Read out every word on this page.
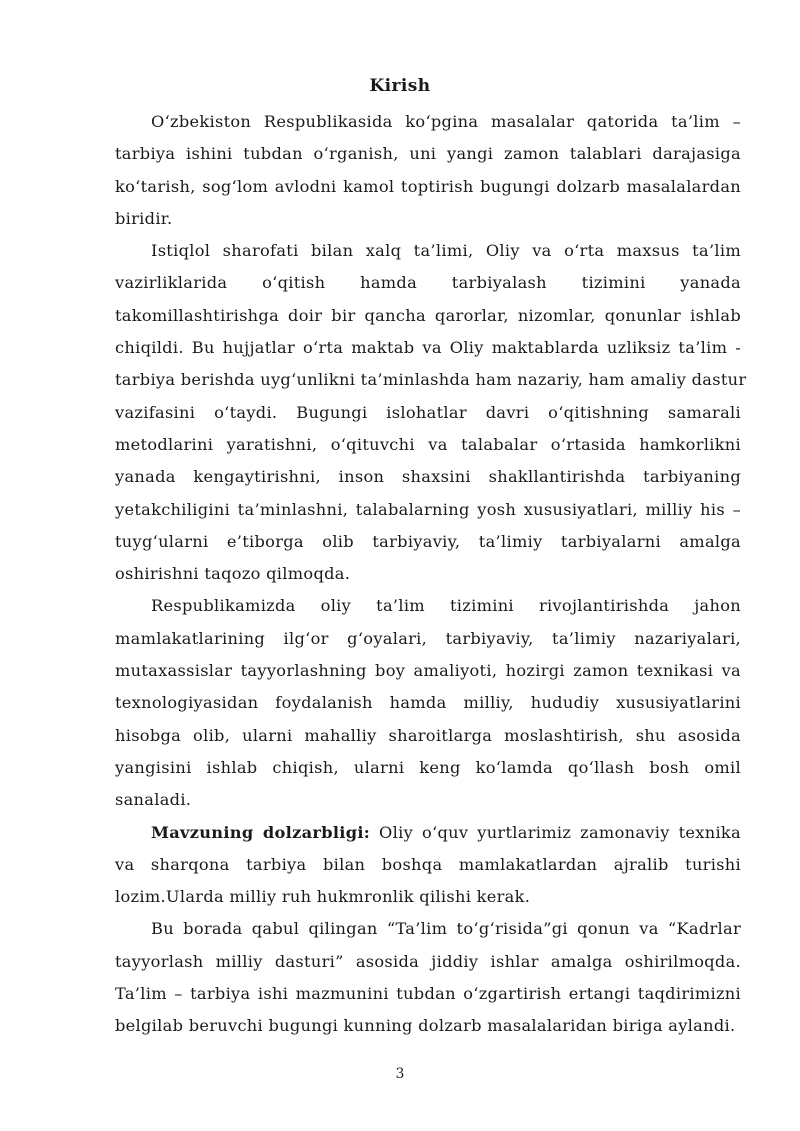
Kirish
O‘zbekiston Respublikasida ko‘pgina masalalar qatorida ta’lim –
tarbiya ishini tubdan o‘rganish, uni yangi zamon talablari darajasiga
ko‘tarish, sog‘lom avlodni kamol toptirish bugungi dolzarb masalalardan
biridir.
Istiqlol sharofati bilan xalq ta’limi, Oliy va o‘rta maxsus ta’lim
vazirliklarida o‘qitish hamda tarbiyalash tizimini yanada
takomillashtirishga doir bir qancha qarorlar, nizomlar, qonunlar ishlab
chiqildi. Bu hujjatlar o‘rta maktab va Oliy maktablarda uzliksiz ta’lim -
tarbiya berishda uyg‘unlikni ta’minlashda ham nazariy, ham amaliy dastur
vazifasini o‘taydi. Bugungi islohatlar davri o‘qitishning samarali
metodlarini yaratishni, o‘qituvchi va talabalar o‘rtasida hamkorlikni
yanada kengaytirishni, inson shaxsini shakllantirishda tarbiyaning
yetakchiligini ta’minlashni, talabalarning yosh xususiyatlari, milliy his –
tuyg‘ularni e’tiborga olib tarbiyaviy, ta’limiy tarbiyalarni amalga
oshirishni taqozo qilmoqda.
Respublikamizda oliy ta’lim tizimini rivojlantirishda jahon
mamlakatlarining ilg‘or g‘oyalari, tarbiyaviy, ta’limiy nazariyalari,
mutaxassislar tayyorlashning boy amaliyoti, hozirgi zamon texnikasi va
texnologiyasidan foydalanish hamda milliy, hududiy xususiyatlarini
hisobga olib, ularni mahalliy sharoitlarga moslashtirish, shu asosida
yangisini ishlab chiqish, ularni keng ko‘lamda qo‘llash bosh omil
sanaladi.
Mavzuning dolzarbligi: Oliy o‘quv yurtlarimiz zamonaviy texnika
va sharqona tarbiya bilan boshqa mamlakatlardan ajralib turishi
lozim.Ularda milliy ruh hukmronlik qilishi kerak.
Bu borada qabul qilingan “Ta’lim to‘g‘risida”gi qonun va “Kadrlar
tayyorlash milliy dasturi” asosida jiddiy ishlar amalga oshirilmoqda.
Ta’lim – tarbiya ishi mazmunini tubdan o‘zgartirish ertangi taqdirimizni
belgilab beruvchi bugungi kunning dolzarb masalalaridan biriga aylandi.
3
